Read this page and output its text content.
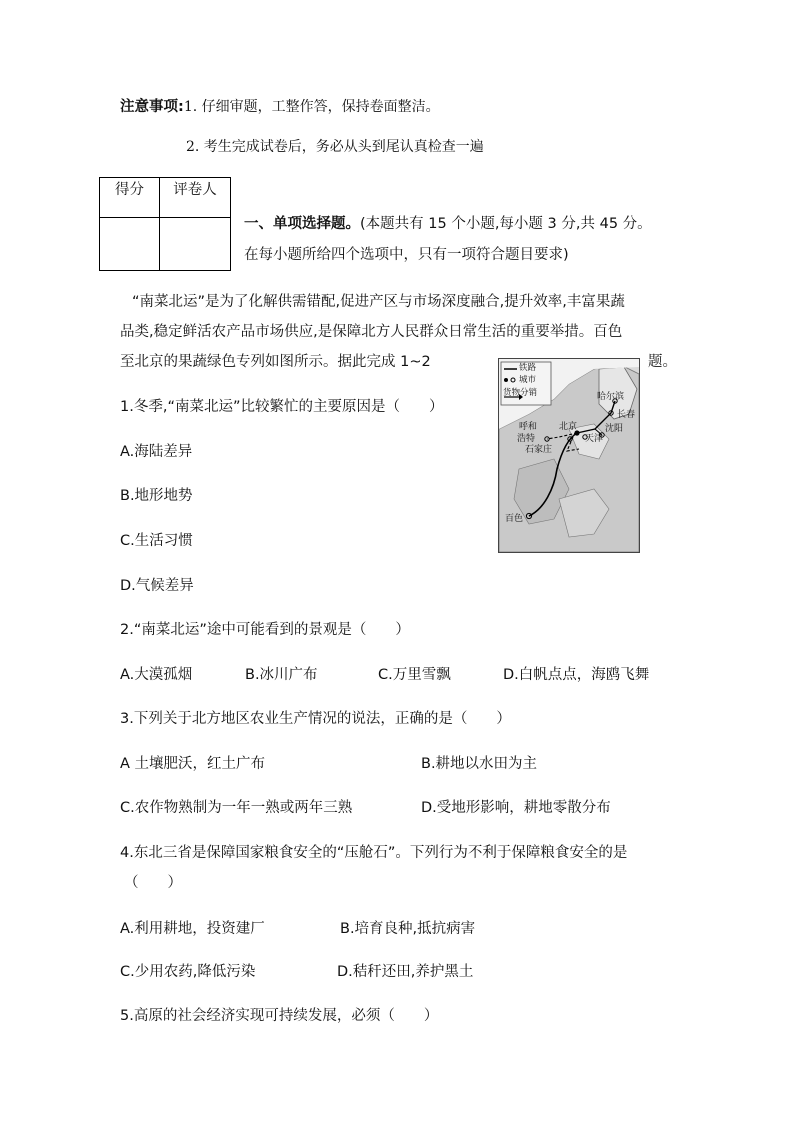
注意事项:1. 仔细审题，工整作答，保持卷面整洁。
2. 考生完成试卷后，务必从头到尾认真检查一遍
得分	评卷人

一、单项选择题。(本题共有 15 个小题,每小题 3 分,共 45 分。
在每小题所给四个选项中，只有一项符合题目要求)
“南菜北运”是为了化解供需错配,促进产区与市场深度融合,提升效率,丰富果蔬
品类,稳定鲜活农产品市场供应,是保障北方人民群众日常生活的重要举措。百色
至北京的果蔬绿色专列如图所示。据此完成 1~2	题。
铁路
城市
货物分销	哈尔滨
长春
沈阳
北京
天津
呼和
浩特
石家庄
百色
1.冬季,“南菜北运”比较繁忙的主要原因是（　　）
A.海陆差异
B.地形地势
C.生活习惯
D.气候差异
2.“南菜北运”途中可能看到的景观是（　　）
A.大漠孤烟	B.冰川广布	C.万里雪飘	D.白帆点点，海鸥飞舞
3.下列关于北方地区农业生产情况的说法，正确的是（　　）
A 土壤肥沃，红土广布	B.耕地以水田为主
C.农作物熟制为一年一熟或两年三熟	D.受地形影响，耕地零散分布
4.东北三省是保障国家粮食安全的“压舱石”。下列行为不利于保障粮食安全的是
（　　）
A.利用耕地，投资建厂	B.培育良种,抵抗病害
C.少用农药,降低污染	D.秸秆还田,养护黑土
5.高原的社会经济实现可持续发展，必须（　　）
